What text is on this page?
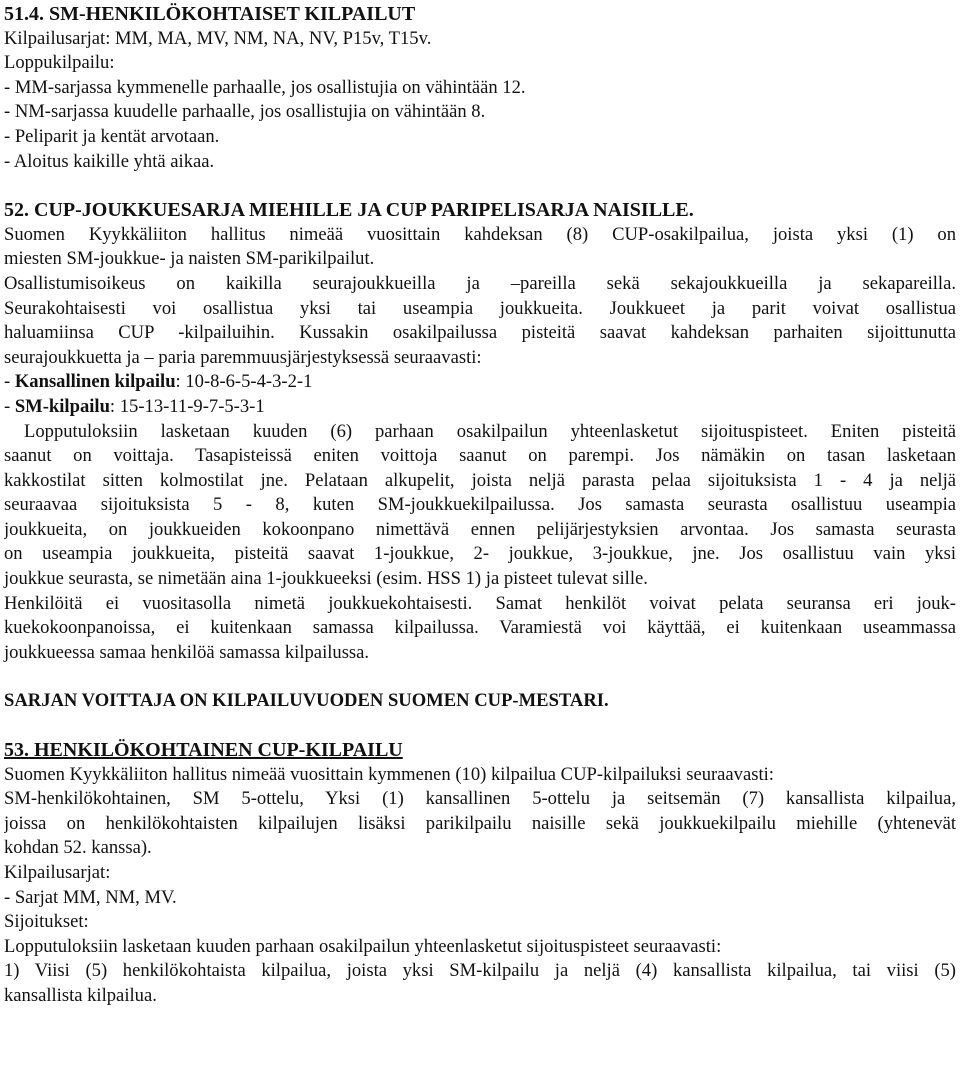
51.4. SM-HENKILÖKOHTAISET KILPAILUT
Kilpailusarjat: MM, MA, MV, NM, NA, NV, P15v, T15v.
Loppukilpailu:
- MM-sarjassa kymmenelle parhaalle, jos osallistujia on vähintään 12.
- NM-sarjassa kuudelle parhaalle, jos osallistujia on vähintään 8.
- Peliparit ja kentät arvotaan.
- Aloitus kaikille yhtä aikaa.
52. CUP-JOUKKUESARJA MIEHILLE JA CUP PARIPELISARJA NAISILLE.
Suomen Kyykkäliiton hallitus nimeää vuosittain kahdeksan (8) CUP-osakilpailua, joista yksi (1) on
miesten SM-joukkue- ja naisten SM-parikilpailut.
Osallistumisoikeus on kaikilla seurajoukkueilla ja –pareilla sekä sekajoukkueilla ja sekapareilla.
Seurakohtaisesti voi osallistua yksi tai useampia joukkueita. Joukkueet ja parit voivat osallistua
haluamiinsa CUP -kilpailuihin. Kussakin osakilpailussa pisteitä saavat kahdeksan parhaiten sijoittunutta
seurajoukkuetta ja – paria paremmuusjärjestyksessä seuraavasti:
- Kansallinen kilpailu: 10-8-6-5-4-3-2-1
- SM-kilpailu: 15-13-11-9-7-5-3-1
Lopputuloksiin lasketaan kuuden (6) parhaan osakilpailun yhteenlasketut sijoituspisteet. Eniten pisteitä
saanut on voittaja. Tasapisteissä eniten voittoja saanut on parempi. Jos nämäkin on tasan lasketaan
kakkostilat sitten kolmostilat jne. Pelataan alkupelit, joista neljä parasta pelaa sijoituksista 1 - 4 ja neljä
seuraavaa sijoituksista 5 - 8, kuten SM-joukkuekilpailussa. Jos samasta seurasta osallistuu useampia
joukkueita, on joukkueiden kokoonpano nimettävä ennen pelijärjestyksien arvontaa. Jos samasta seurasta
on useampia joukkueita, pisteitä saavat 1-joukkue, 2- joukkue, 3-joukkue, jne. Jos osallistuu vain yksi
joukkue seurasta, se nimetään aina 1-joukkueeksi (esim. HSS 1) ja pisteet tulevat sille.
Henkilöitä ei vuositasolla nimetä joukkuekohtaisesti. Samat henkilöt voivat pelata seuransa eri jouk-
kuekokoonpanoissa, ei kuitenkaan samassa kilpailussa. Varamiestä voi käyttää, ei kuitenkaan useammassa
joukkueessa samaa henkilöä samassa kilpailussa.
SARJAN VOITTAJA ON KILPAILUVUODEN SUOMEN CUP-MESTARI.
53. HENKILÖKOHTAINEN CUP-KILPAILU
Suomen Kyykkäliiton hallitus nimeää vuosittain kymmenen (10) kilpailua CUP-kilpailuksi seuraavasti:
SM-henkilökohtainen, SM 5-ottelu, Yksi (1) kansallinen 5-ottelu ja seitsemän (7) kansallista kilpailua,
joissa on henkilökohtaisten kilpailujen lisäksi parikilpailu naisille sekä joukkuekilpailu miehille (yhtenevät
kohdan 52. kanssa).
Kilpailusarjat:
- Sarjat MM, NM, MV.
Sijoitukset:
Lopputuloksiin lasketaan kuuden parhaan osakilpailun yhteenlasketut sijoituspisteet seuraavasti:
1) Viisi (5) henkilökohtaista kilpailua, joista yksi SM-kilpailu ja neljä (4) kansallista kilpailua, tai viisi (5)
kansallista kilpailua.
